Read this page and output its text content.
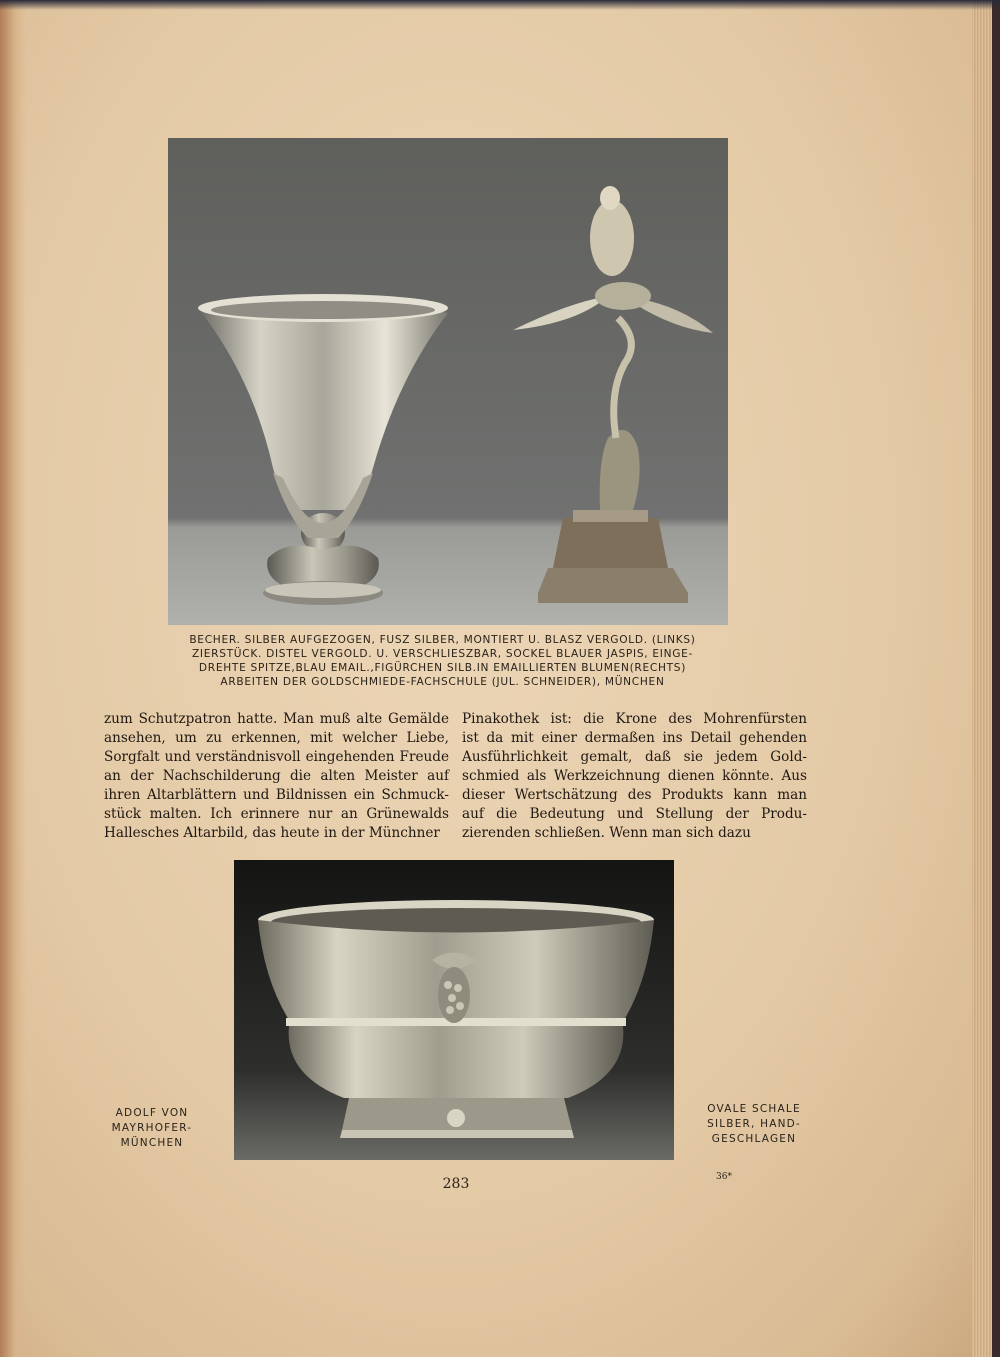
BECHER. SILBER AUFGEZOGEN, FUSZ SILBER, MONTIERT U. BLASZ VERGOLD. (LINKS)
ZIERSTÜCK. DISTEL VERGOLD. U. VERSCHLIESZBAR, SOCKEL BLAUER JASPIS, EINGE-
DREHTE SPITZE,BLAU EMAIL.,FIGÜRCHEN SILB.IN EMAILLIERTEN BLUMEN(RECHTS)
ARBEITEN DER GOLDSCHMIEDE-FACHSCHULE (JUL. SCHNEIDER), MÜNCHEN
zum Schutzpatron hatte. Man muß alte Gemälde
ansehen, um zu erkennen, mit welcher Liebe,
Sorgfalt und verständnisvoll eingehenden Freude
an der Nachschilderung die alten Meister auf
ihren Altarblättern und Bildnissen ein Schmuck-
stück malten. Ich erinnere nur an Grünewalds
Hallesches Altarbild, das heute in der Münchner
Pinakothek ist: die Krone des Mohrenfürsten
ist da mit einer dermaßen ins Detail gehenden
Ausführlichkeit gemalt, daß sie jedem Gold-
schmied als Werkzeichnung dienen könnte. Aus
dieser Wertschätzung des Produkts kann man
auf die Bedeutung und Stellung der Produ-
zierenden schließen. Wenn man sich dazu
ADOLF VON
MAYRHOFER-
MÜNCHEN
OVALE SCHALE
SILBER, HAND-
GESCHLAGEN
283	36*
